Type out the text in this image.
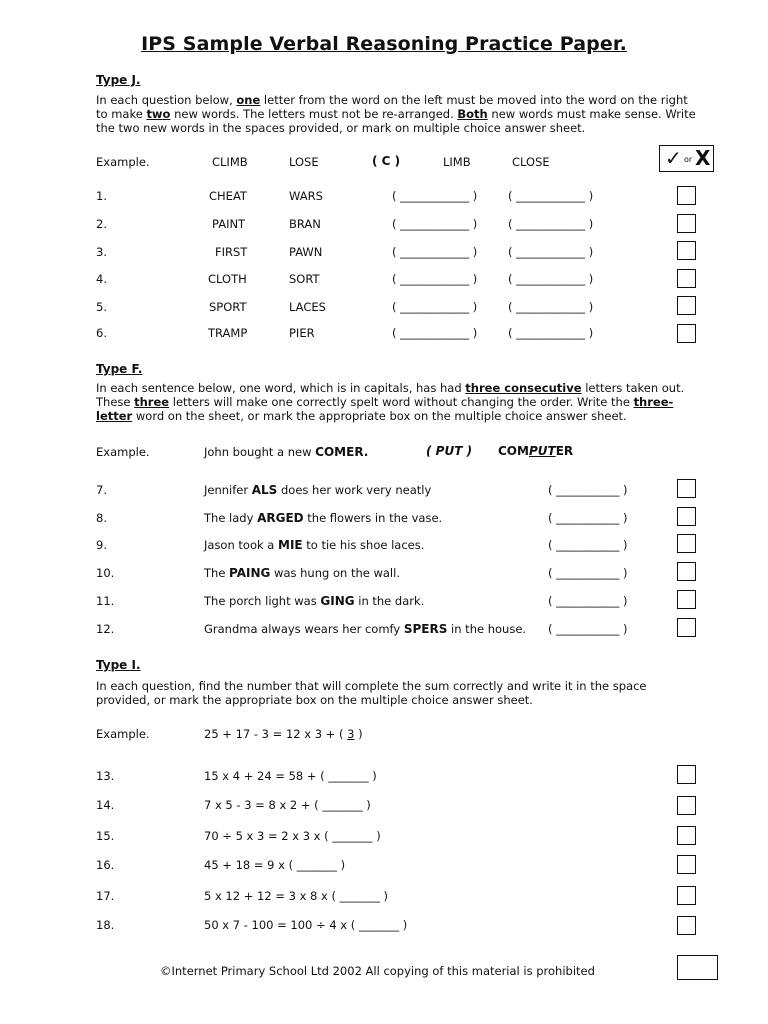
IPS Sample Verbal Reasoning Practice Paper.
✓ or X
Type J.
In each question below, one letter from the word on the left must be moved into the word on the right to make two new words. The letters must not be re-arranged. Both new words must make sense. Write the two new words in the spaces provided, or mark on multiple choice answer sheet.
Example.	CLIMB	LOSE	( C )	LIMB	CLOSE
1.	CHEAT	WARS	( ____________ )	( ____________ )
2.	PAINT	BRAN	( ____________ )	( ____________ )
3.	FIRST	PAWN	( ____________ )	( ____________ )
4.	CLOTH	SORT	( ____________ )	( ____________ )
5.	SPORT	LACES	( ____________ )	( ____________ )
6.	TRAMP	PIER	( ____________ )	( ____________ )
Type F.
In each sentence below, one word, which is in capitals, has had three consecutive letters taken out. These three letters will make one correctly spelt word without changing the order. Write the three-letter word on the sheet, or mark the appropriate box on the multiple choice answer sheet.
Example.	John bought a new COMER.	( PUT ) COMPUTER
7.	Jennifer ALS does her work very neatly	( ___________ )
8.	The lady ARGED the flowers in the vase.	( ___________ )
9.	Jason took a MIE to tie his shoe laces.	( ___________ )
10.	The PAING was hung on the wall.	( ___________ )
11.	The porch light was GING in the dark.	( ___________ )
12.	Grandma always wears her comfy SPERS in the house. ( ___________ )
Type I.
In each question, find the number that will complete the sum correctly and write it in the space provided, or mark the appropriate box on the multiple choice answer sheet.
Example.	25 + 17 - 3 = 12 x 3 + ( 3 )
13.	15 x 4 + 24 = 58 + ( _______ )
14.	7 x 5 - 3 = 8 x 2 + ( _______ )
15.	70 ÷ 5 x 3 = 2 x 3 x ( _______ )
16.	45 + 18 = 9 x ( _______ )
17.	5 x 12 + 12 = 3 x 8 x ( _______ )
18.	50 x 7 - 100 = 100 ÷ 4 x ( _______ )
©Internet Primary School Ltd 2002 All copying of this material is prohibited
